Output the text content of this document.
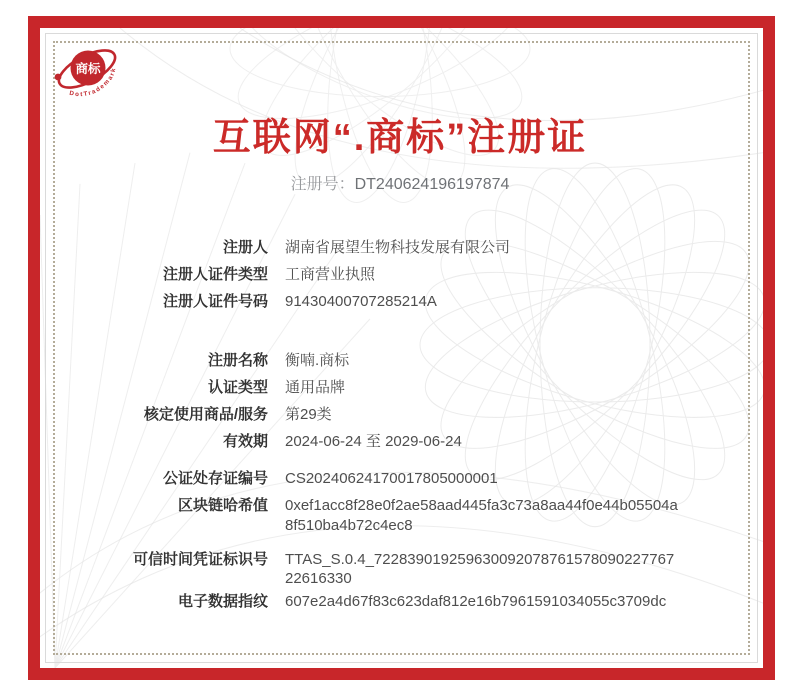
商标
DotTrademark
互联网“.商标”注册证
注册号：DT240624196197874
注册人 湖南省展望生物科技发展有限公司
注册人证件类型 工商营业执照
注册人证件号码 91430400707285214A
注册名称 衡喃.商标
认证类型 通用品牌
核定使用商品/服务 第29类
有效期 2024-06-24 至 2029-06-24
公证处存证编号 CS20240624170017805000001
区块链哈希值 0xef1acc8f28e0f2ae58aad445fa3c73a8aa44f0e44b05504a8f510ba4b72c4ec8
可信时间凭证标识号 TTAS_S.0.4_72283901925963009207876157809022776722616330
电子数据指纹 607e2a4d67f83c623daf812e16b7961591034055c3709dc
